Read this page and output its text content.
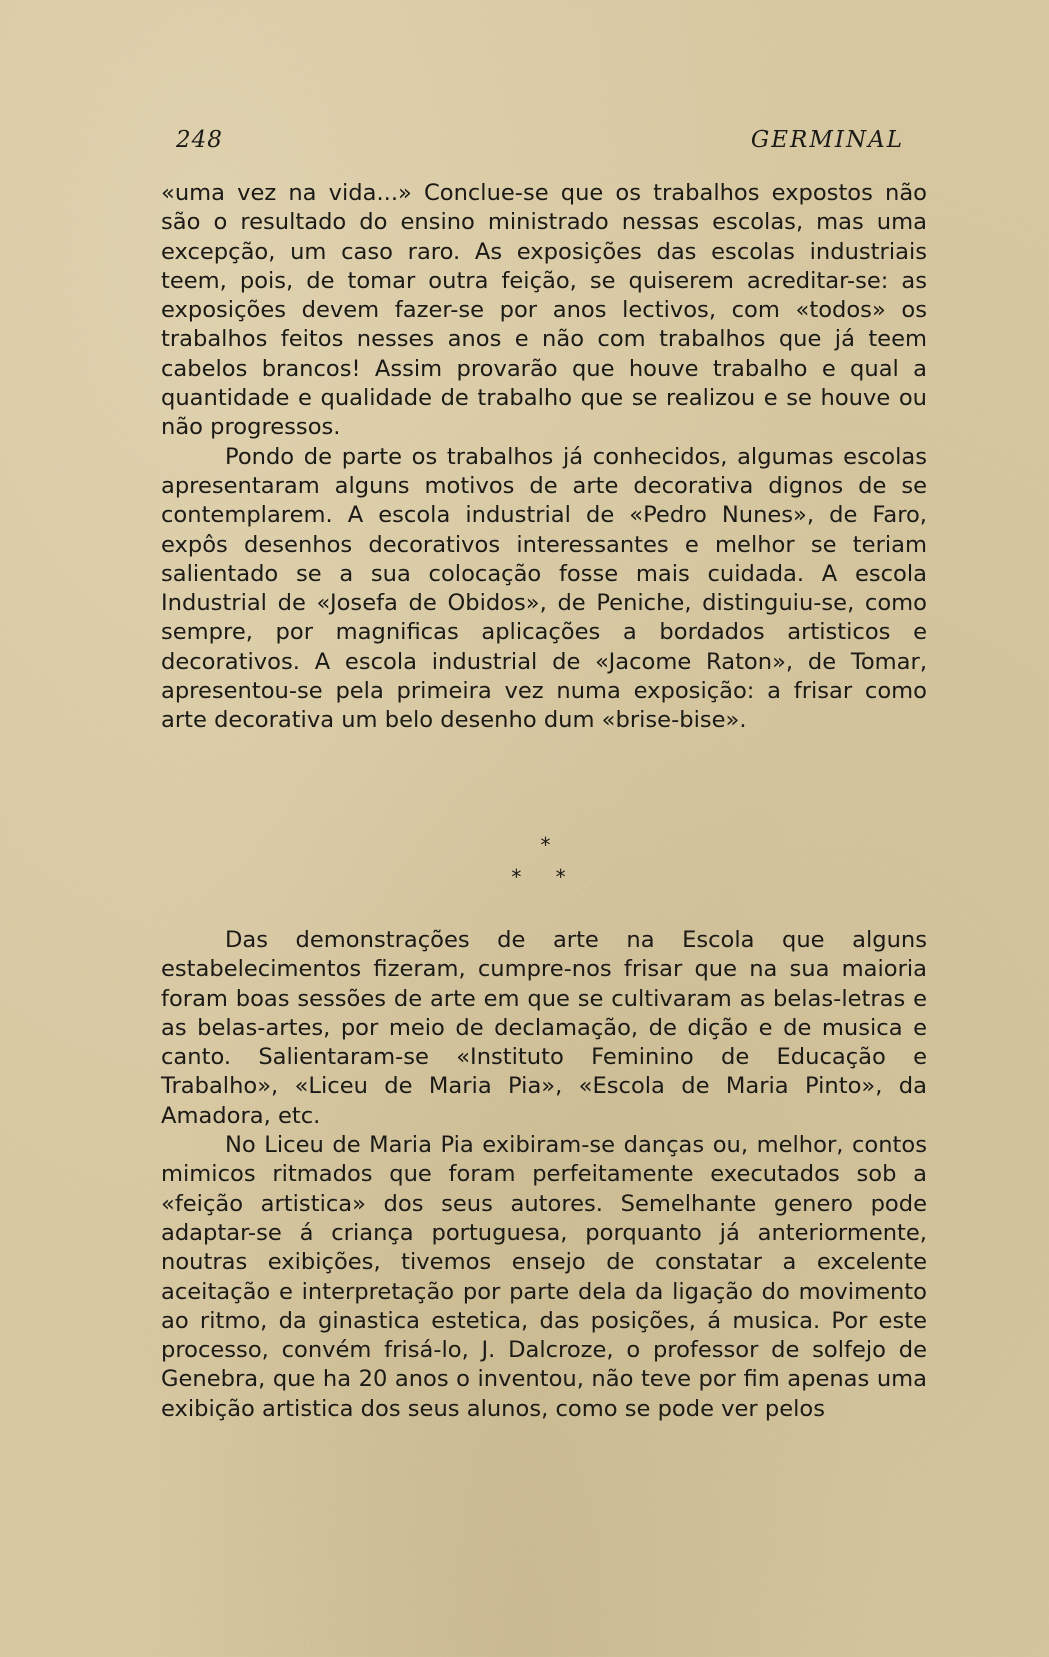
248	GERMINAL

«uma vez na vida...» Conclue-se que os trabalhos expostos não são o resultado do ensino ministrado nessas escolas, mas uma excepção, um caso raro. As exposições das escolas industriais teem, pois, de tomar outra feição, se quiserem acreditar-se: as exposições devem fazer-se por anos lectivos, com «todos» os trabalhos feitos nesses anos e não com trabalhos que já teem cabelos brancos! Assim provarão que houve trabalho e qual a quantidade e qualidade de trabalho que se realizou e se houve ou não progressos.

Pondo de parte os trabalhos já conhecidos, algumas escolas apresentaram alguns motivos de arte decorativa dignos de se contemplarem. A escola industrial de «Pedro Nunes», de Faro, expôs desenhos decorativos interessantes e melhor se teriam salientado se a sua colocação fosse mais cuidada. A escola Industrial de «Josefa de Obidos», de Peniche, distinguiu-se, como sempre, por magnificas aplicações a bordados artisticos e decorativos. A escola industrial de «Jacome Raton», de Tomar, apresentou-se pela primeira vez numa exposição: a frisar como arte decorativa um belo desenho dum «brise-bise».

*
* *

Das demonstrações de arte na Escola que alguns estabelecimentos fizeram, cumpre-nos frisar que na sua maioria foram boas sessões de arte em que se cultivaram as belas-letras e as belas-artes, por meio de declamação, de dição e de musica e canto. Salientaram-se «Instituto Feminino de Educação e Trabalho», «Liceu de Maria Pia», «Escola de Maria Pinto», da Amadora, etc.

No Liceu de Maria Pia exibiram-se danças ou, melhor, contos mimicos ritmados que foram perfeitamente executados sob a «feição artistica» dos seus autores. Semelhante genero pode adaptar-se á criança portuguesa, porquanto já anteriormente, noutras exibições, tivemos ensejo de constatar a excelente aceitação e interpretação por parte dela da ligação do movimento ao ritmo, da ginastica estetica, das posições, á musica. Por este processo, convém frisá-lo, J. Dalcroze, o professor de solfejo de Genebra, que ha 20 anos o inventou, não teve por fim apenas uma exibição artistica dos seus alunos, como se pode ver pelos
